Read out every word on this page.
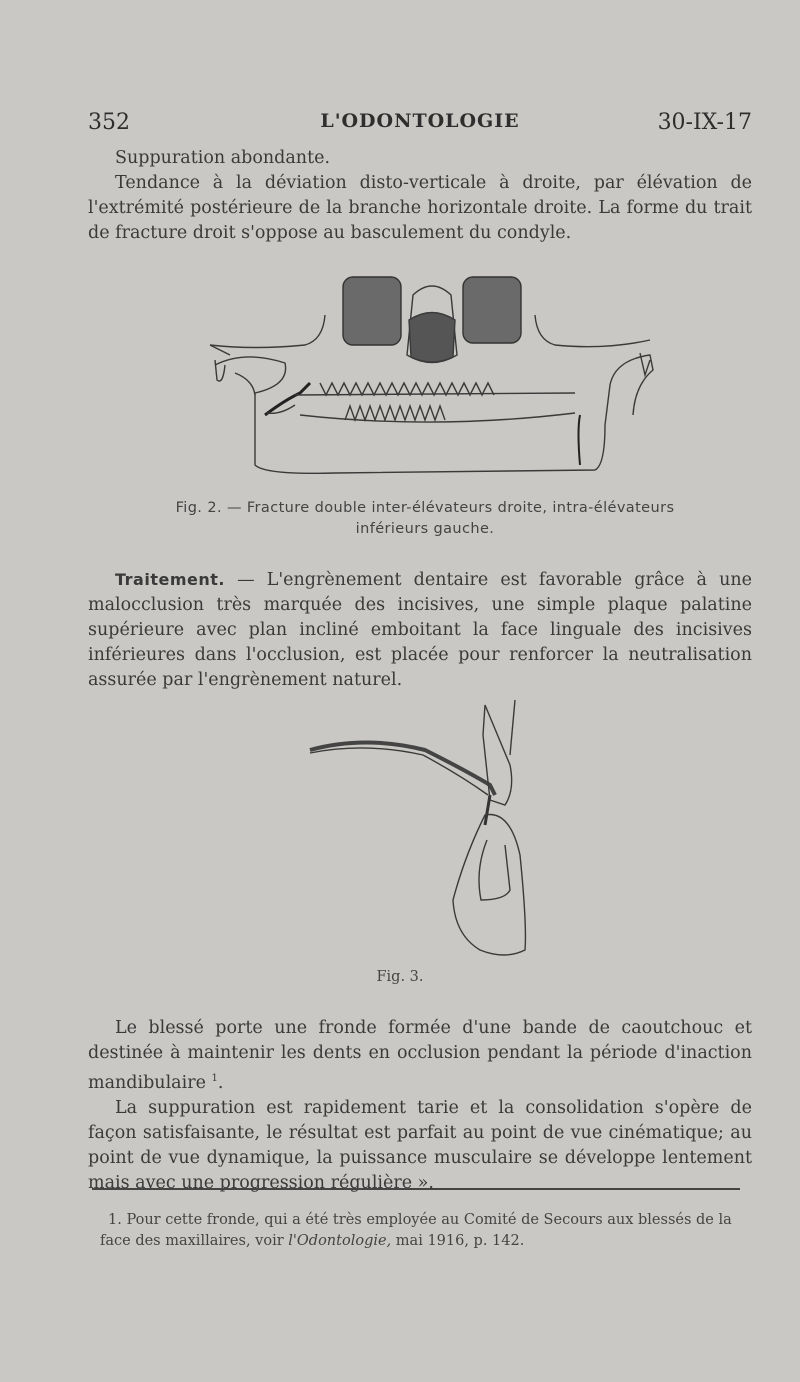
352	L'ODONTOLOGIE	30-IX-17

Suppuration abondante.

Tendance à la déviation disto-verticale à droite, par élévation de l'extrémité postérieure de la branche horizontale droite. La forme du trait de fracture droit s'oppose au basculement du condyle.

Fig. 2. — Fracture double inter-élévateurs droite, intra-élévateurs inférieurs gauche.

Traitement. — L'engrènement dentaire est favorable grâce à une malocclusion très marquée des incisives, une simple plaque palatine supérieure avec plan incliné emboitant la face linguale des incisives inférieures dans l'occlusion, est placée pour renforcer la neutralisation assurée par l'engrènement naturel.

Fig. 3.

Le blessé porte une fronde formée d'une bande de caoutchouc et destinée à maintenir les dents en occlusion pendant la période d'inaction mandibulaire $^1$.

La suppuration est rapidement tarie et la consolidation s'opère de façon satisfaisante, le résultat est parfait au point de vue cinématique; au point de vue dynamique, la puissance musculaire se développe lentement mais avec une progression régulière ».

1. Pour cette fronde, qui a été très employée au Comité de Secours aux blessés de la face des maxillaires, voir l'Odontologie, mai 1916, p. 142.
